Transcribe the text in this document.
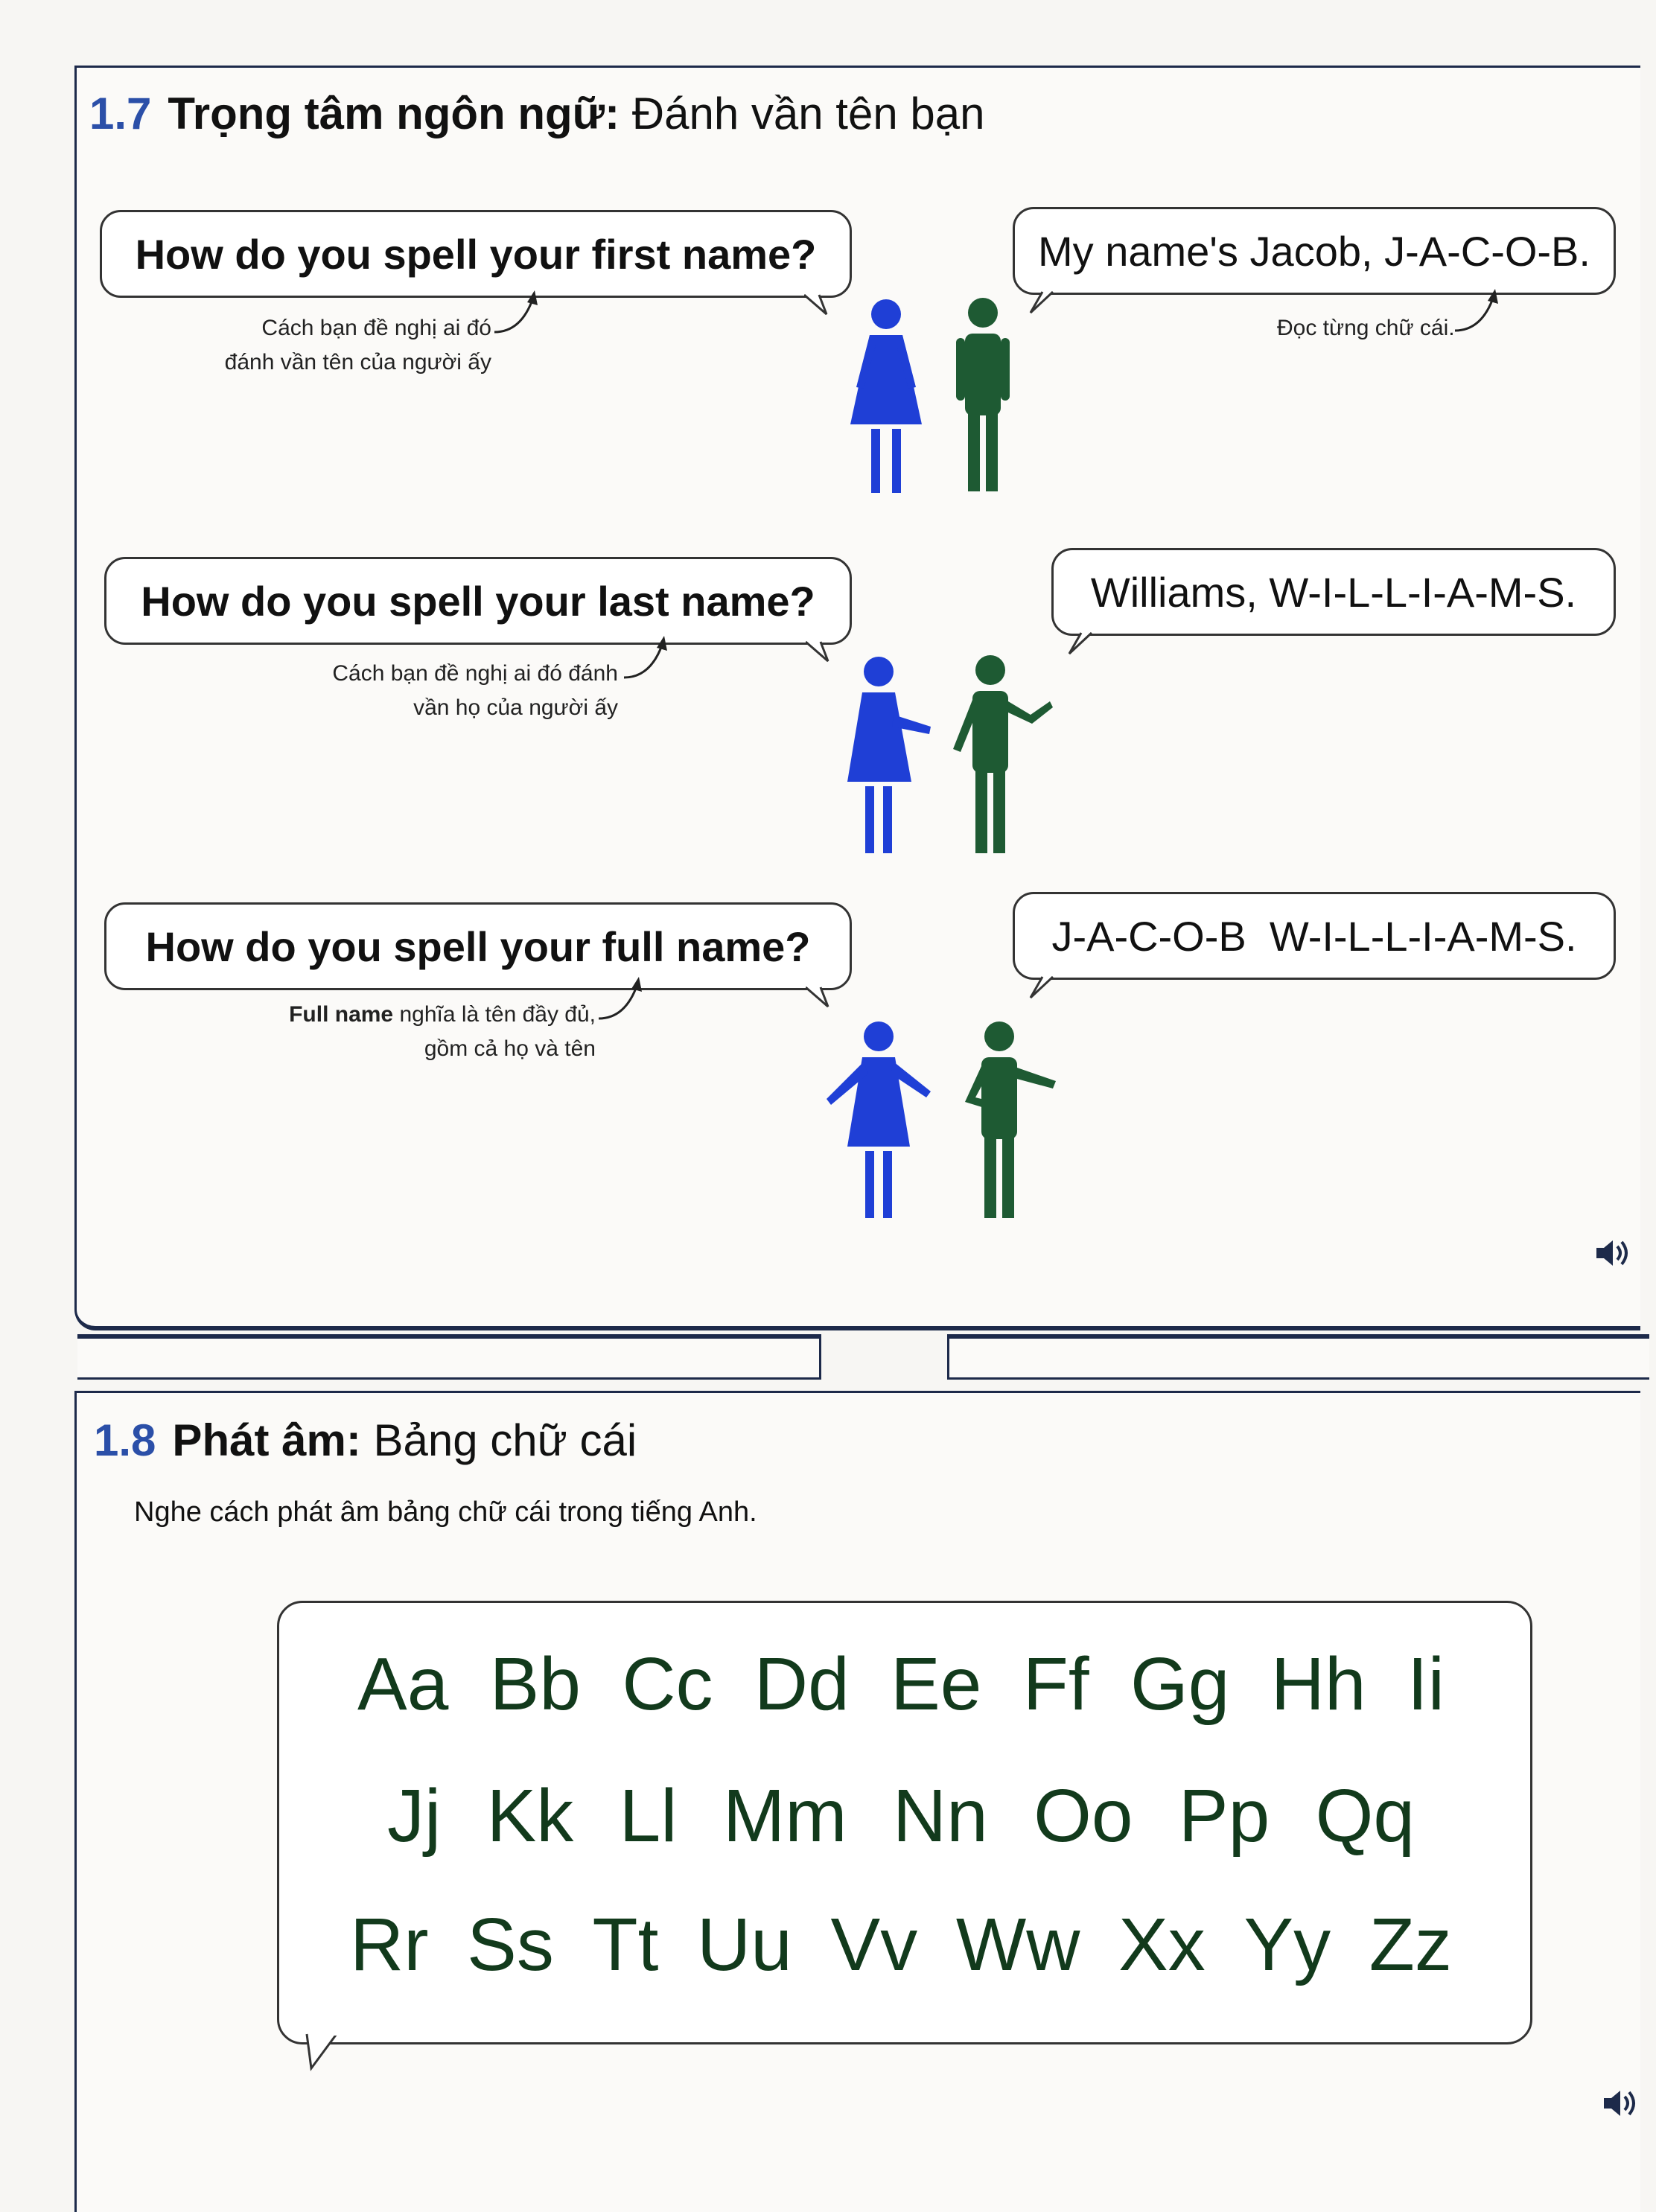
1.7 Trọng tâm ngôn ngữ: Đánh vần tên bạn
How do you spell your first name?	My name's Jacob, J-A-C-O-B.
Cách bạn đề nghị ai đó
đánh vần tên của người ấy
Đọc từng chữ cái.
How do you spell your last name?	Williams, W-I-L-L-I-A-M-S.
Cách bạn đề nghị ai đó đánh
vần họ của người ấy
How do you spell your full name?	J-A-C-O-B  W-I-L-L-I-A-M-S.
Full name nghĩa là tên đầy đủ,
gồm cả họ và tên
1.8 Phát âm: Bảng chữ cái
Nghe cách phát âm bảng chữ cái trong tiếng Anh.
Aa Bb Cc Dd Ee Ff Gg Hh Ii
Jj Kk Ll Mm Nn Oo Pp Qq
Rr Ss Tt Uu Vv Ww Xx Yy Zz
